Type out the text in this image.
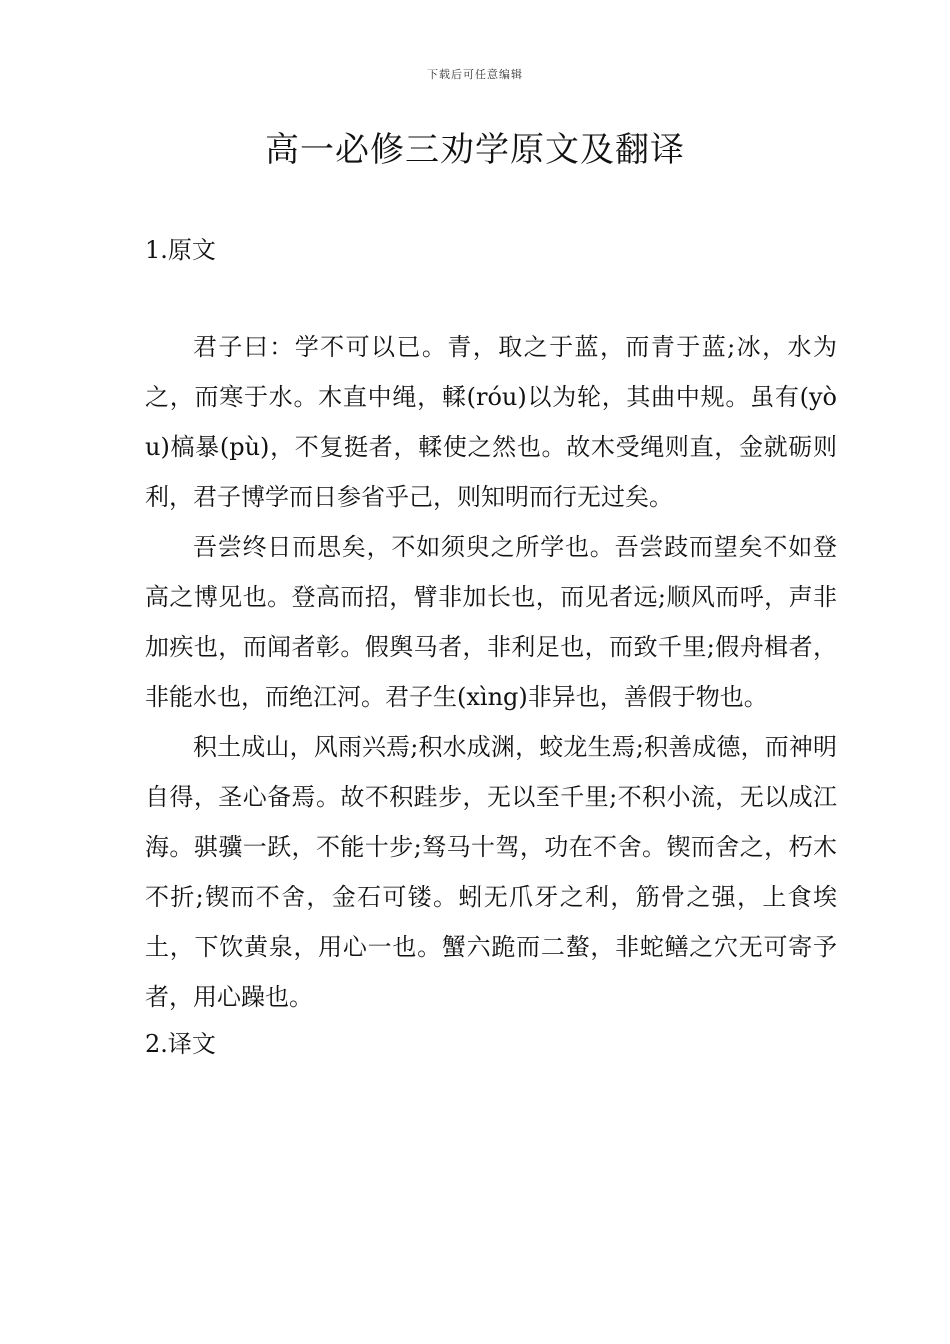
下载后可任意编辑
高一必修三劝学原文及翻译

1.原文

君子曰：学不可以已。青，取之于蓝，而青于蓝;冰，水为之，而寒于水。木直中绳，輮(róu)以为轮，其曲中规。虽有(yòu)槁暴(pù)，不复挺者，輮使之然也。故木受绳则直，金就砺则利，君子博学而日参省乎己，则知明而行无过矣。

吾尝终日而思矣，不如须臾之所学也。吾尝跂而望矣不如登高之博见也。登高而招，臂非加长也，而见者远;顺风而呼，声非加疾也，而闻者彰。假舆马者，非利足也，而致千里;假舟楫者，非能水也，而绝江河。君子生(xìng)非异也，善假于物也。

积土成山，风雨兴焉;积水成渊，蛟龙生焉;积善成德，而神明自得，圣心备焉。故不积跬步，无以至千里;不积小流，无以成江海。骐骥一跃，不能十步;驽马十驾，功在不舍。锲而舍之，朽木不折;锲而不舍，金石可镂。蚓无爪牙之利，筋骨之强，上食埃土，下饮黄泉，用心一也。蟹六跪而二螯，非蛇鳝之穴无可寄予者，用心躁也。

2.译文
